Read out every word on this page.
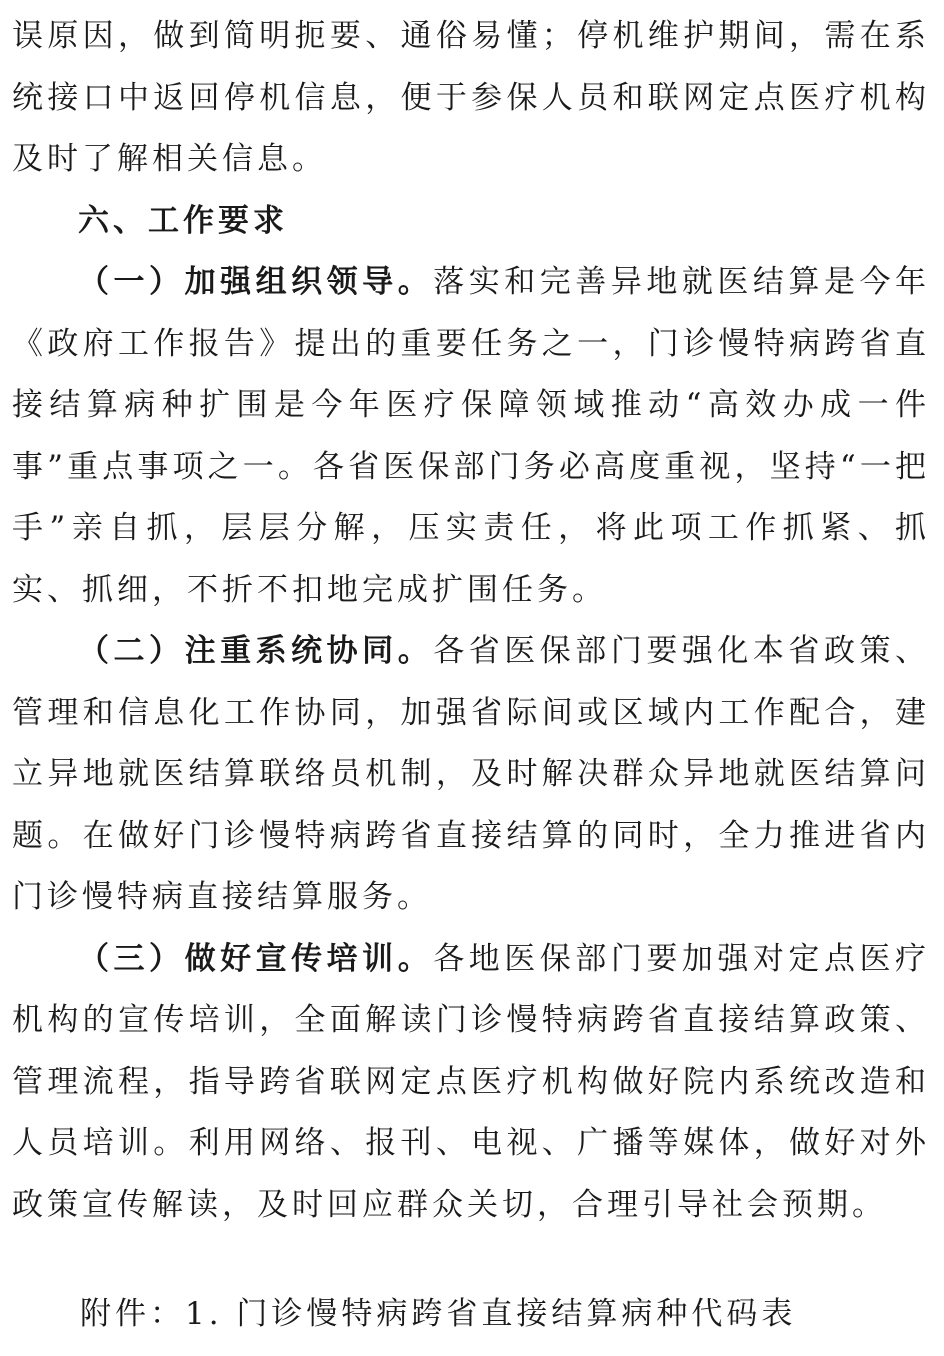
误原因，做到简明扼要、通俗易懂；停机维护期间，需在系统接口中返回停机信息，便于参保人员和联网定点医疗机构及时了解相关信息。

六、工作要求

（一）加强组织领导。落实和完善异地就医结算是今年《政府工作报告》提出的重要任务之一，门诊慢特病跨省直接结算病种扩围是今年医疗保障领域推动“高效办成一件事”重点事项之一。各省医保部门务必高度重视，坚持“一把手”亲自抓，层层分解，压实责任，将此项工作抓紧、抓实、抓细，不折不扣地完成扩围任务。

（二）注重系统协同。各省医保部门要强化本省政策、管理和信息化工作协同，加强省际间或区域内工作配合，建立异地就医结算联络员机制，及时解决群众异地就医结算问题。在做好门诊慢特病跨省直接结算的同时，全力推进省内门诊慢特病直接结算服务。

（三）做好宣传培训。各地医保部门要加强对定点医疗机构的宣传培训，全面解读门诊慢特病跨省直接结算政策、管理流程，指导跨省联网定点医疗机构做好院内系统改造和人员培训。利用网络、报刊、电视、广播等媒体，做好对外政策宣传解读，及时回应群众关切，合理引导社会预期。

附件：1. 门诊慢特病跨省直接结算病种代码表
